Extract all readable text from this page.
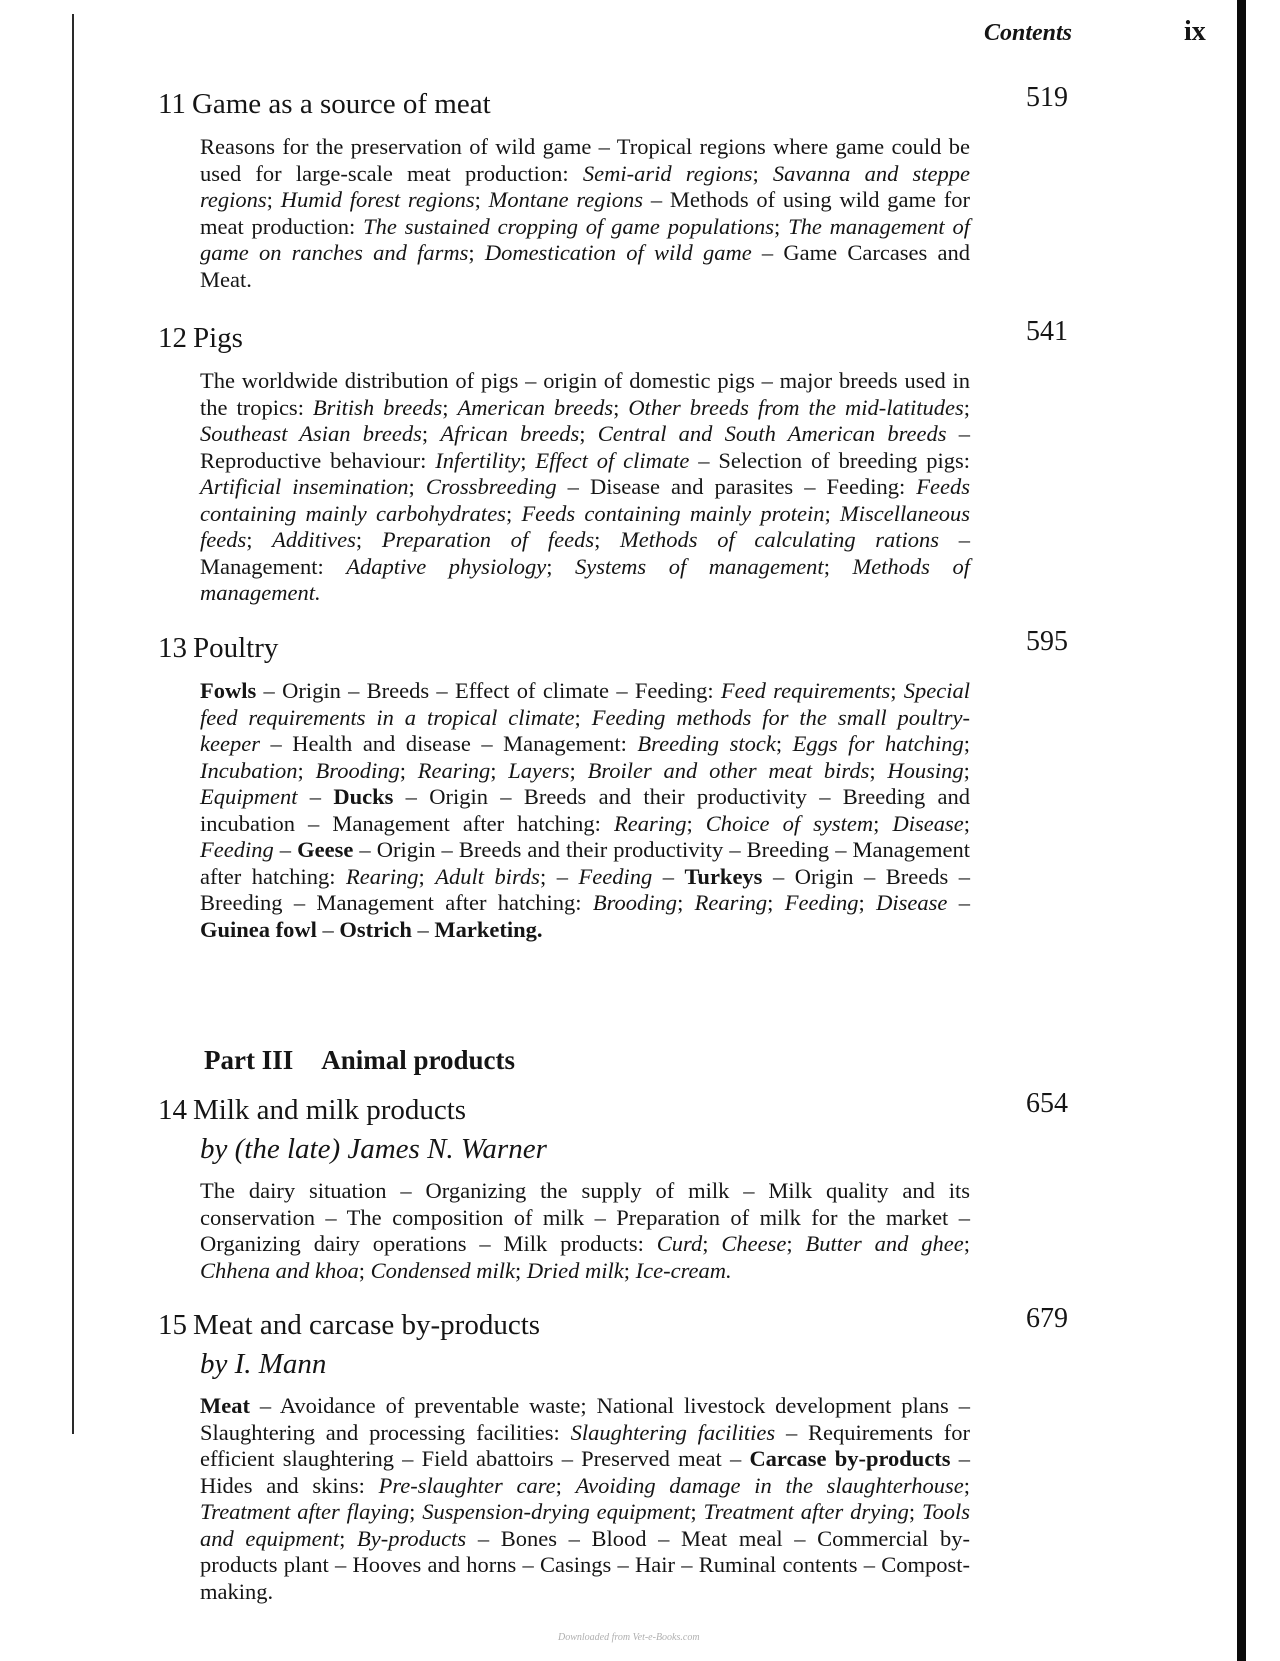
Contents	ix
11 Game as a source of meat	519
Reasons for the preservation of wild game – Tropical regions where game could be used for large-scale meat production: Semi-arid regions; Savanna and steppe regions; Humid forest regions; Montane regions – Methods of using wild game for meat production: The sustained cropping of game populations; The management of game on ranches and farms; Domestication of wild game – Game Carcases and Meat.
12 Pigs	541
The worldwide distribution of pigs – origin of domestic pigs – major breeds used in the tropics: British breeds; American breeds; Other breeds from the mid-latitudes; Southeast Asian breeds; African breeds; Central and South American breeds – Reproductive behaviour: Infertility; Effect of climate – Selection of breeding pigs: Artificial insemination; Crossbreeding – Disease and parasites – Feeding: Feeds containing mainly carbohydrates; Feeds containing mainly protein; Miscellaneous feeds; Additives; Preparation of feeds; Methods of calculating rations – Management: Adaptive physiology; Systems of management; Methods of management.
13 Poultry	595
Fowls – Origin – Breeds – Effect of climate – Feeding: Feed requirements; Special feed requirements in a tropical climate; Feeding methods for the small poultry-keeper – Health and disease – Management: Breeding stock; Eggs for hatching; Incubation; Brooding; Rearing; Layers; Broiler and other meat birds; Housing; Equipment – Ducks – Origin – Breeds and their productivity – Breeding and incubation – Management after hatching: Rearing; Choice of system; Disease; Feeding – Geese – Origin – Breeds and their productivity – Breeding – Management after hatching: Rearing; Adult birds; – Feeding – Turkeys – Origin – Breeds – Breeding – Management after hatching: Brooding; Rearing; Feeding; Disease – Guinea fowl – Ostrich – Marketing.
Part III Animal products
14 Milk and milk products	654
by (the late) James N. Warner
The dairy situation – Organizing the supply of milk – Milk quality and its conservation – The composition of milk – Preparation of milk for the market – Organizing dairy operations – Milk products: Curd; Cheese; Butter and ghee; Chhena and khoa; Condensed milk; Dried milk; Ice-cream.
15 Meat and carcase by-products	679
by I. Mann
Meat – Avoidance of preventable waste; National livestock development plans – Slaughtering and processing facilities: Slaughtering facilities – Requirements for efficient slaughtering – Field abattoirs – Preserved meat – Carcase by-products – Hides and skins: Pre-slaughter care; Avoiding damage in the slaughterhouse; Treatment after flaying; Suspension-drying equipment; Treatment after drying; Tools and equipment; By-products – Bones – Blood – Meat meal – Commercial by-products plant – Hooves and horns – Casings – Hair – Ruminal contents – Compost-making.
Downloaded from Vet-e-Books.com
